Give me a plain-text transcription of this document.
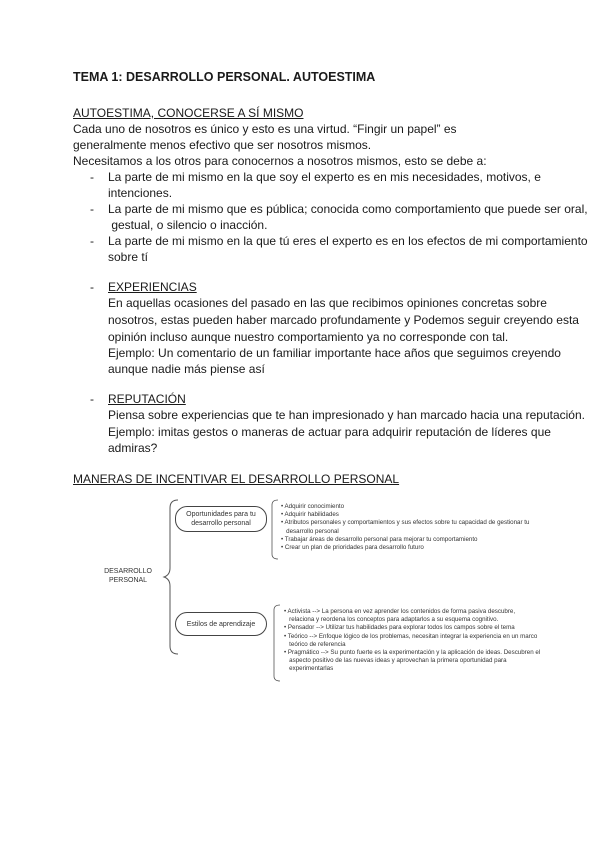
TEMA 1: DESARROLLO PERSONAL. AUTOESTIMA
AUTOESTIMA, CONOCERSE A SÍ MISMO
Cada uno de nosotros es único y esto es una virtud. “Fingir un papel” es
generalmente menos efectivo que ser nosotros mismos.
Necesitamos a los otros para conocernos a nosotros mismos, esto se debe a:
- La parte de mi mismo en la que soy el experto es en mis necesidades, motivos, e
intenciones.
- La parte de mi mismo que es pública; conocida como comportamiento que puede ser oral,
gestual, o silencio o inacción.
- La parte de mi mismo en la que tú eres el experto es en los efectos de mi comportamiento
sobre tí
- EXPERIENCIAS
En aquellas ocasiones del pasado en las que recibimos opiniones concretas sobre
nosotros, estas pueden haber marcado profundamente y Podemos seguir creyendo esta
opinión incluso aunque nuestro comportamiento ya no corresponde con tal.
Ejemplo: Un comentario de un familiar importante hace años que seguimos creyendo
aunque nadie más piense así
- REPUTACIÓN
Piensa sobre experiencias que te han impresionado y han marcado hacia una reputación.
Ejemplo: imitas gestos o maneras de actuar para adquirir reputación de líderes que
admiras?
MANERAS DE INCENTIVAR EL DESARROLLO PERSONAL
DESARROLLO
PERSONAL
Oportunidades para tu
desarrollo personal
Estilos de aprendizaje
• Adquirir conocimiento
• Adquirir habilidades
• Atributos personales y comportamientos y sus efectos sobre tu capacidad de gestionar tu
desarrollo personal
• Trabajar áreas de desarrollo personal para mejorar tu comportamiento
• Crear un plan de prioridades para desarrollo futuro
• Activista --> La persona en vez aprender los contenidos de forma pasiva descubre,
relaciona y reordena los conceptos para adaptarlos a su esquema cognitivo.
• Pensador --> Utilizar tus habilidades para explorar todos los campos sobre el tema
• Teórico --> Enfoque lógico de los problemas, necesitan integrar la experiencia en un marco
teórico de referencia
• Pragmático --> Su punto fuerte es la experimentación y la aplicación de ideas. Descubren el
aspecto positivo de las nuevas ideas y aprovechan la primera oportunidad para
experimentarlas
